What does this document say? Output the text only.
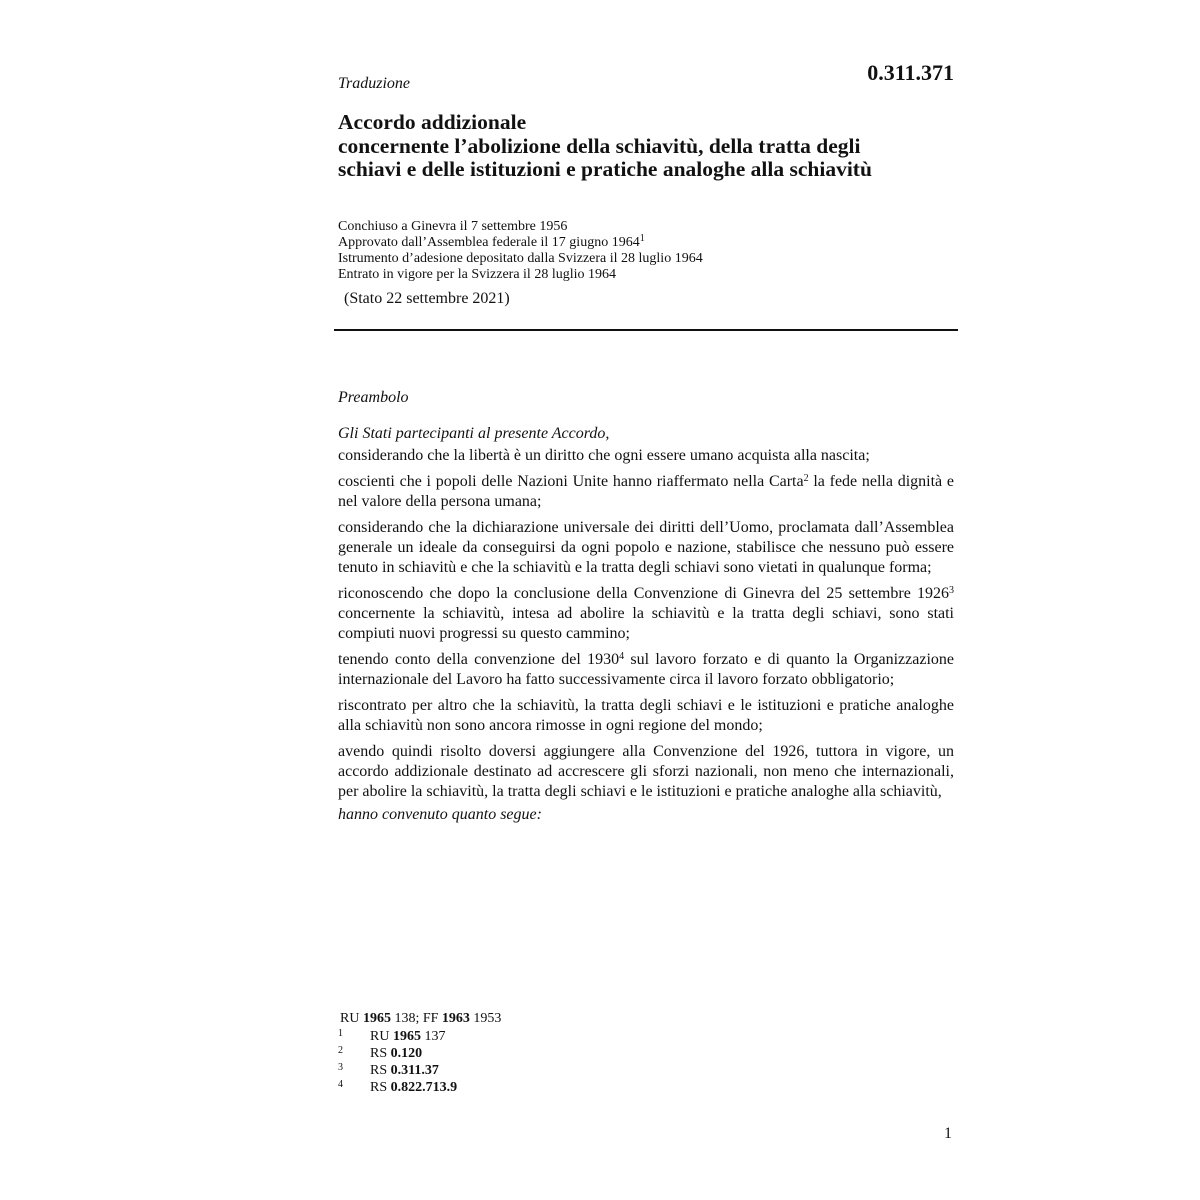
0.311.371
Traduzione
Accordo addizionale
concernente l’abolizione della schiavitù, della tratta degli
schiavi e delle istituzioni e pratiche analoghe alla schiavitù
Conchiuso a Ginevra il 7 settembre 1956
Approvato dall’Assemblea federale il 17 giugno 1964$^1$
Istrumento d’adesione depositato dalla Svizzera il 28 luglio 1964
Entrato in vigore per la Svizzera il 28 luglio 1964
(Stato 22 settembre 2021)
Preambolo
Gli Stati partecipanti al presente Accordo,
considerando che la libertà è un diritto che ogni essere umano acquista alla nascita;
coscienti che i popoli delle Nazioni Unite hanno riaffermato nella Carta$^2$ la fede nella dignità e nel valore della persona umana;
considerando che la dichiarazione universale dei diritti dell’Uomo, proclamata dall’Assemblea generale un ideale da conseguirsi da ogni popolo e nazione, stabilisce che nessuno può essere tenuto in schiavitù e che la schiavitù e la tratta degli schiavi sono vietati in qualunque forma;
riconoscendo che dopo la conclusione della Convenzione di Ginevra del 25 settembre 1926$^3$ concernente la schiavitù, intesa ad abolire la schiavitù e la tratta degli schiavi, sono stati compiuti nuovi progressi su questo cammino;
tenendo conto della convenzione del 1930$^4$ sul lavoro forzato e di quanto la Organizzazione internazionale del Lavoro ha fatto successivamente circa il lavoro forzato obbligatorio;
riscontrato per altro che la schiavitù, la tratta degli schiavi e le istituzioni e pratiche analoghe alla schiavitù non sono ancora rimosse in ogni regione del mondo;
avendo quindi risolto doversi aggiungere alla Convenzione del 1926, tuttora in vigore, un accordo addizionale destinato ad accrescere gli sforzi nazionali, non meno che internazionali, per abolire la schiavitù, la tratta degli schiavi e le istituzioni e pratiche analoghe alla schiavitù,
hanno convenuto quanto segue:
RU 1965 138; FF 1963 1953
1	RU 1965 137
2	RS 0.120
3	RS 0.311.37
4	RS 0.822.713.9
1
